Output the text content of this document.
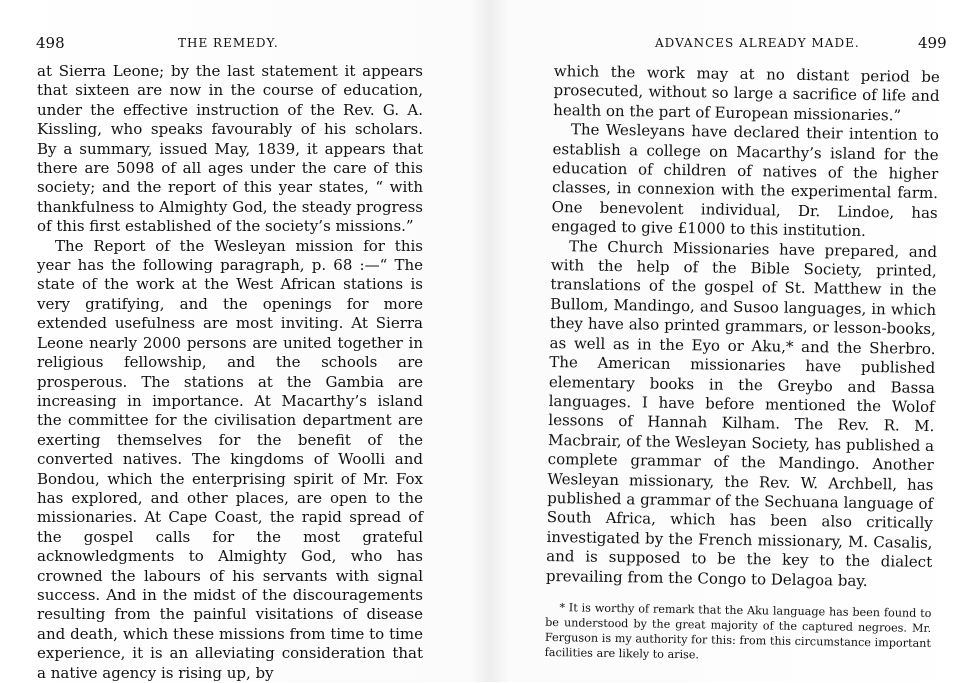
498	THE REMEDY.

at Sierra Leone; by the last statement it appears that sixteen are now in the course of education, under the effective instruction of the Rev. G. A. Kissling, who speaks favourably of his scholars. By a summary, issued May, 1839, it appears that there are 5098 of all ages under the care of this society; and the report of this year states, “ with thankfulness to Almighty God, the steady progress of this first established of the society’s missions.”

The Report of the Wesleyan mission for this year has the following paragraph, p. 68 :—“ The state of the work at the West African stations is very gratifying, and the openings for more extended usefulness are most inviting. At Sierra Leone nearly 2000 persons are united together in religious fellowship, and the schools are prosperous. The stations at the Gambia are increasing in importance. At Macarthy’s island the committee for the civilisation department are exerting themselves for the benefit of the converted natives. The kingdoms of Woolli and Bondou, which the enterprising spirit of Mr. Fox has explored, and other places, are open to the missionaries. At Cape Coast, the rapid spread of the gospel calls for the most grateful acknowledgments to Almighty God, who has crowned the labours of his servants with signal success. And in the midst of the discouragements resulting from the painful visitations of disease and death, which these missions from time to time experience, it is an alleviating consideration that a native agency is rising up, by

ADVANCES ALREADY MADE.	499

which the work may at no distant period be prosecuted, without so large a sacrifice of life and health on the part of European missionaries.”

The Wesleyans have declared their intention to establish a college on Macarthy’s island for the education of children of natives of the higher classes, in connexion with the experimental farm. One benevolent individual, Dr. Lindoe, has engaged to give £1000 to this institution.

The Church Missionaries have prepared, and with the help of the Bible Society, printed, translations of the gospel of St. Matthew in the Bullom, Mandingo, and Susoo languages, in which they have also printed grammars, or lesson-books, as well as in the Eyo or Aku,* and the Sherbro. The American missionaries have published elementary books in the Greybo and Bassa languages. I have before mentioned the Wolof lessons of Hannah Kilham. The Rev. R. M. Macbrair, of the Wesleyan Society, has published a complete grammar of the Mandingo. Another Wesleyan missionary, the Rev. W. Archbell, has published a grammar of the Sechuana language of South Africa, which has been also critically investigated by the French missionary, M. Casalis, and is supposed to be the key to the dialect prevailing from the Congo to Delagoa bay.

* It is worthy of remark that the Aku language has been found to be understood by the great majority of the captured negroes. Mr. Ferguson is my authority for this: from this circumstance important facilities are likely to arise.
